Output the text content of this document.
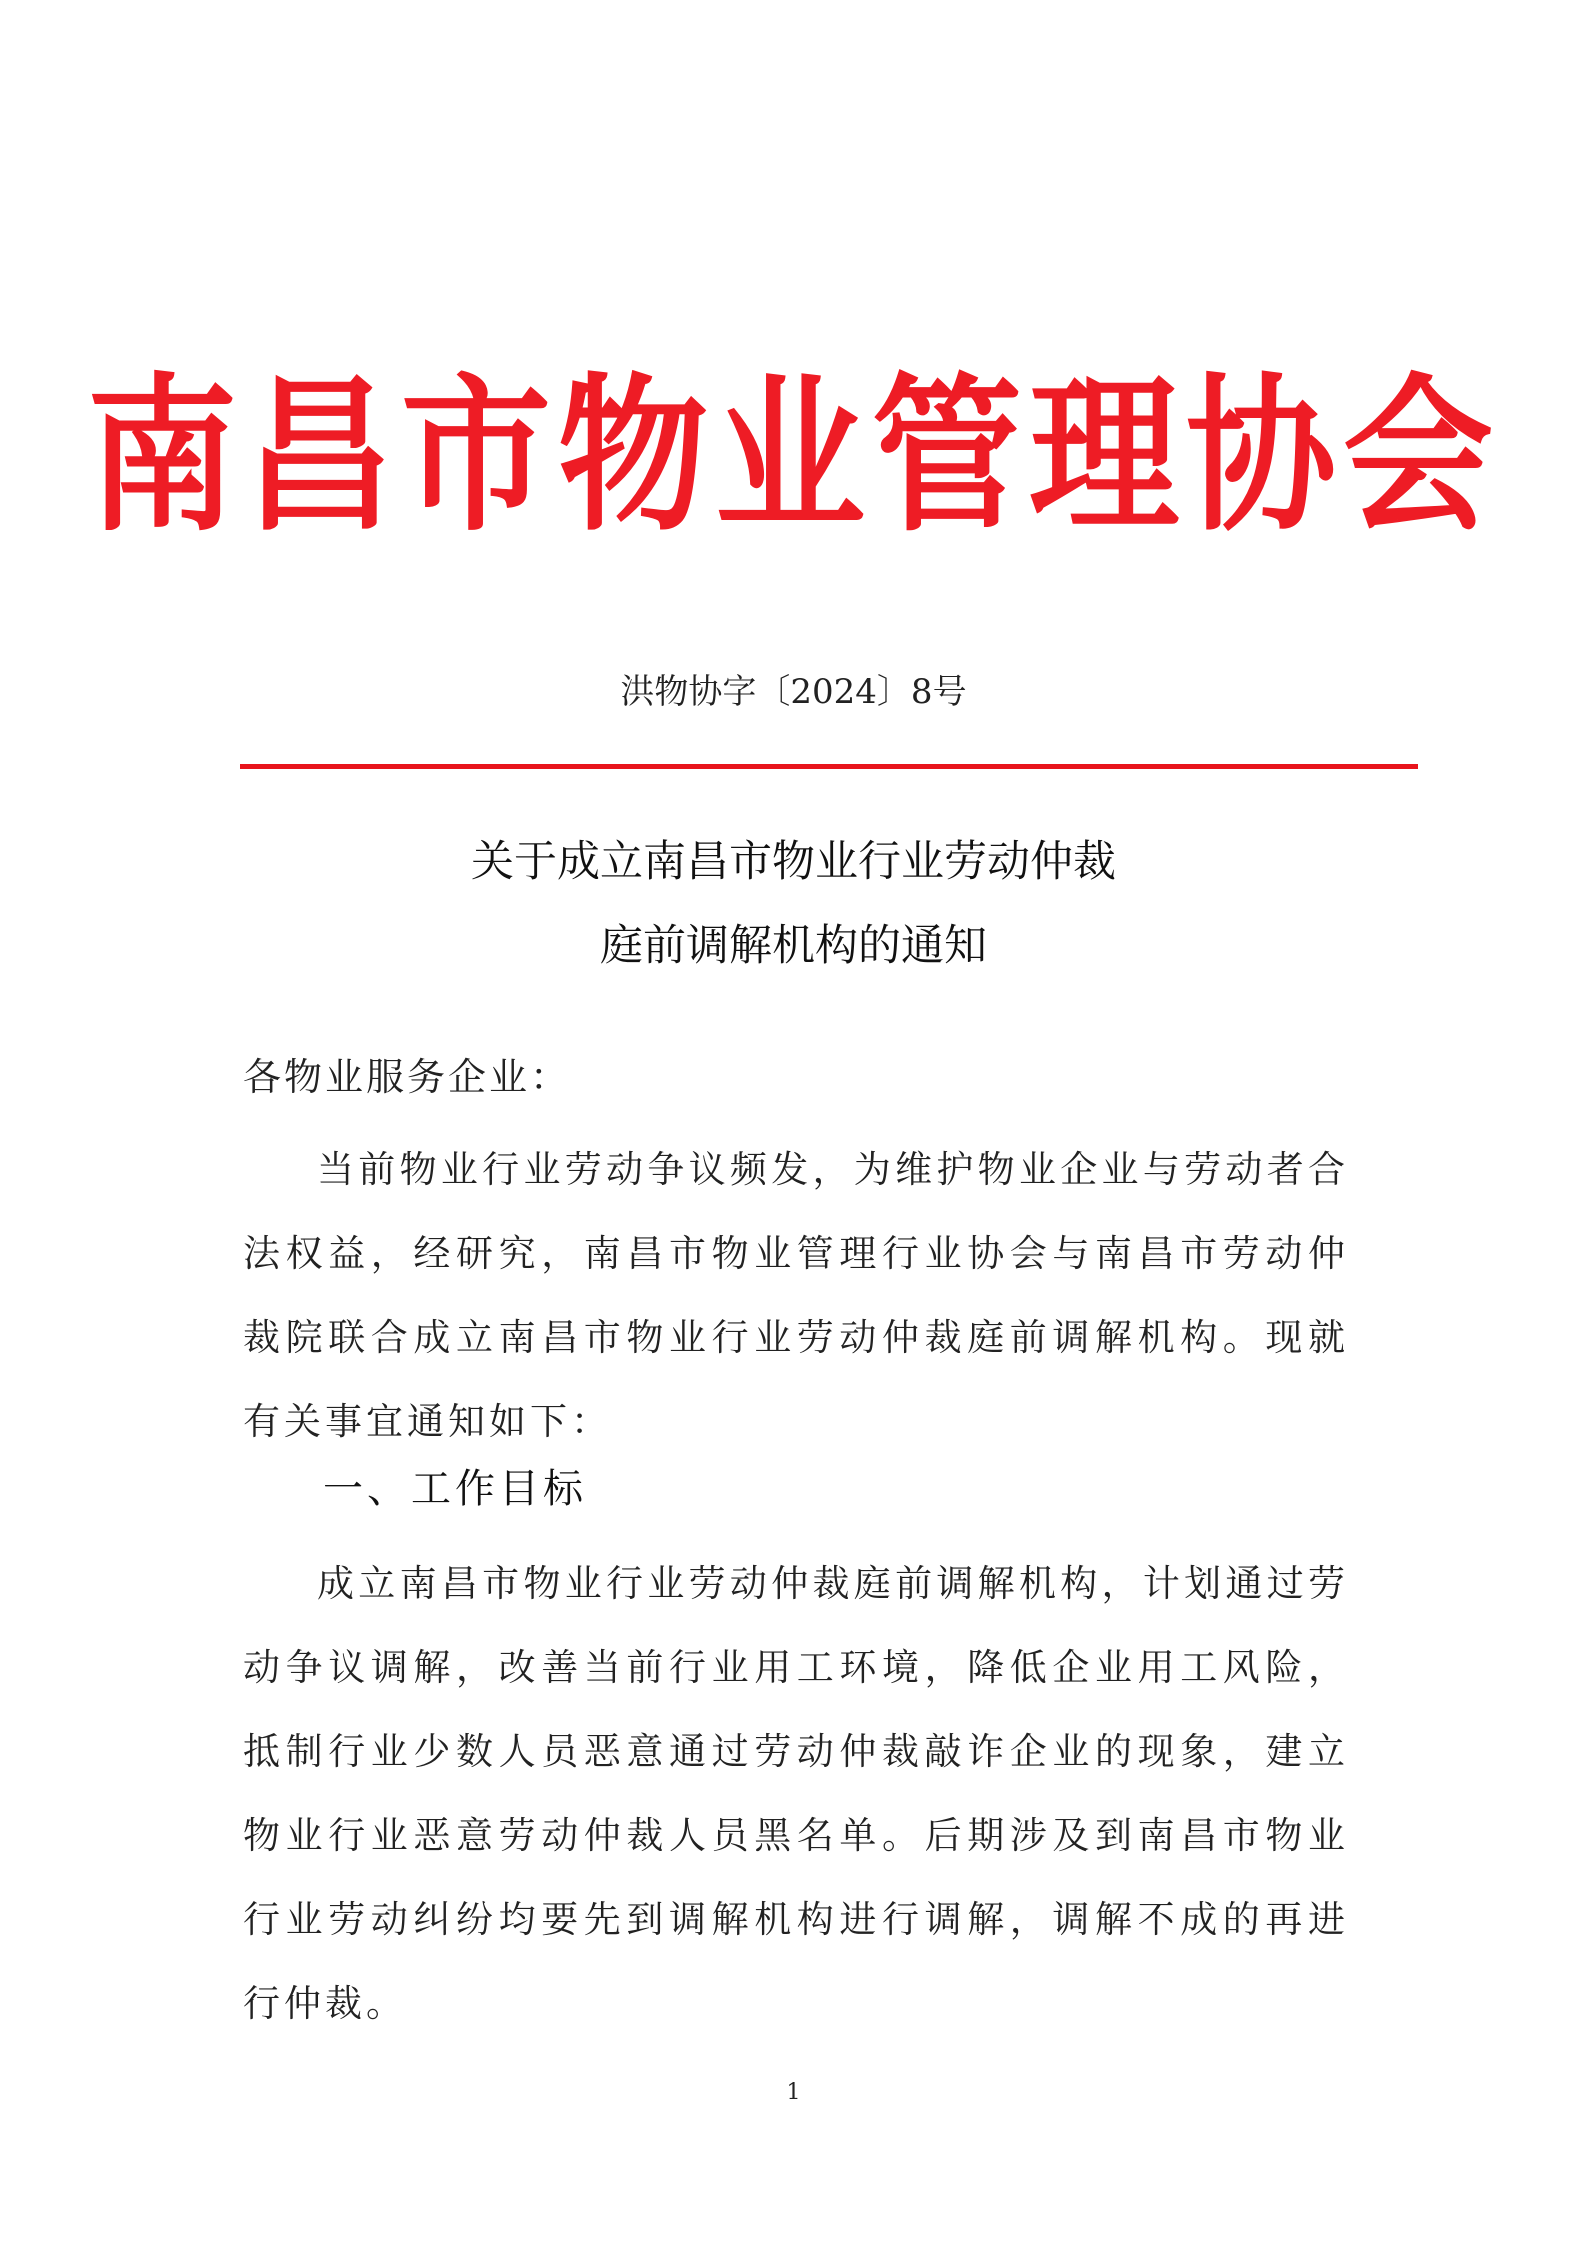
南昌市物业管理协会
洪物协字〔2024〕8号
关于成立南昌市物业行业劳动仲裁
庭前调解机构的通知
各物业服务企业：
当前物业行业劳动争议频发，为维护物业企业与劳动者合法权益，经研究，南昌市物业管理行业协会与南昌市劳动仲裁院联合成立南昌市物业行业劳动仲裁庭前调解机构。现就有关事宜通知如下：
一、工作目标
成立南昌市物业行业劳动仲裁庭前调解机构，计划通过劳动争议调解，改善当前行业用工环境，降低企业用工风险，抵制行业少数人员恶意通过劳动仲裁敲诈企业的现象，建立物业行业恶意劳动仲裁人员黑名单。后期涉及到南昌市物业行业劳动纠纷均要先到调解机构进行调解，调解不成的再进行仲裁。
1
